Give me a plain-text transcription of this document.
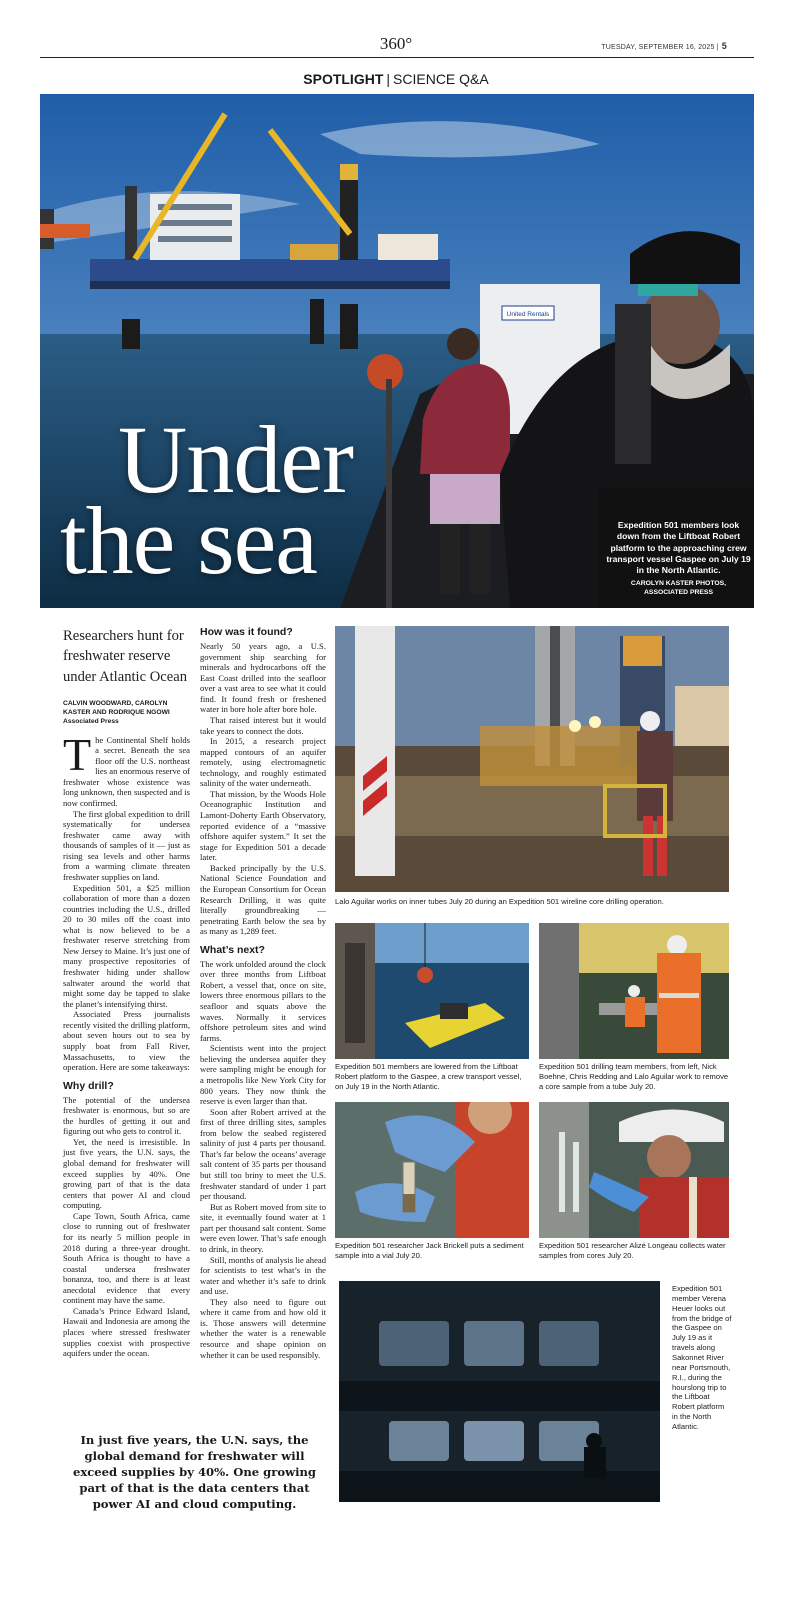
360°	TUESDAY, SEPTEMBER 16, 2025 | 5
SPOTLIGHT | SCIENCE Q&A
United Rentals
Under
the sea	Expedition 501 members look down from the Liftboat Robert platform to the approaching crew transport vessel Gaspee on July 19 in the North Atlantic.
CAROLYN KASTER PHOTOS,
ASSOCIATED PRESS
Researchers hunt for freshwater reserve under Atlantic Ocean
CALVIN WOODWARD, CAROLYN KASTER AND RODRIQUE NGOWI
Associated Press

The Continental Shelf holds a secret. Beneath the sea floor off the U.S. northeast lies an enormous reserve of freshwater whose existence was long unknown, then suspected and is now confirmed.

The first global expedition to drill systematically for undersea freshwater came away with thousands of samples of it — just as rising sea levels and other harms from a warming climate threaten freshwater supplies on land.

Expedition 501, a $25 million collaboration of more than a dozen countries including the U.S., drilled 20 to 30 miles off the coast into what is now believed to be a freshwater reserve stretching from New Jersey to Maine. It’s just one of many prospective repositories of freshwater hiding under shallow saltwater around the world that might some day be tapped to slake the planet’s intensifying thirst.

Associated Press journalists recently visited the drilling platform, about seven hours out to sea by supply boat from Fall River, Massachusetts, to view the operation. Here are some takeaways:

Why drill?

The potential of the undersea freshwater is enormous, but so are the hurdles of getting it out and figuring out who gets to control it.

Yet, the need is irresistible. In just five years, the U.N. says, the global demand for freshwater will exceed supplies by 40%. One growing part of that is the data centers that power AI and cloud computing.

Cape Town, South Africa, came close to running out of freshwater for its nearly 5 million people in 2018 during a three-year drought. South Africa is thought to have a coastal undersea freshwater bonanza, too, and there is at least anecdotal evidence that every continent may have the same.

Canada’s Prince Edward Island, Hawaii and Indonesia are among the places where stressed freshwater supplies coexist with prospective aquifers under the ocean.

How was it found?

Nearly 50 years ago, a U.S. government ship searching for minerals and hydrocarbons off the East Coast drilled into the seafloor over a vast area to see what it could find. It found fresh or freshened water in bore hole after bore hole.

That raised interest but it would take years to connect the dots.

In 2015, a research project mapped contours of an aquifer remotely, using electromagnetic technology, and roughly estimated salinity of the water underneath.

That mission, by the Woods Hole Oceanographic Institution and Lamont-Doherty Earth Observatory, reported evidence of a “massive offshore aquifer system.” It set the stage for Expedition 501 a decade later.

Backed principally by the U.S. National Science Foundation and the European Consortium for Ocean Research Drilling, it was quite literally groundbreaking — penetrating Earth below the sea by as many as 1,289 feet.

What’s next?

The work unfolded around the clock over three months from Liftboat Robert, a vessel that, once on site, lowers three enormous pillars to the seafloor and squats above the waves. Normally it services offshore petroleum sites and wind farms.

Scientists went into the project believing the undersea aquifer they were sampling might be enough for a metropolis like New York City for 800 years. They now think the reserve is even larger than that.

Soon after Robert arrived at the first of three drilling sites, samples from below the seabed registered salinity of just 4 parts per thousand. That’s far below the oceans’ average salt content of 35 parts per thousand but still too briny to meet the U.S. freshwater standard of under 1 part per thousand.

But as Robert moved from site to site, it eventually found water at 1 part per thousand salt content. Some were even lower. That’s safe enough to drink, in theory.

Still, months of analysis lie ahead for scientists to test what’s in the water and whether it’s safe to drink and use.

They also need to figure out where it came from and how old it is. Those answers will determine whether the water is a renewable resource and shape opinion on whether it can be used responsibly.

In just five years, the U.N. says, the global demand for freshwater will exceed supplies by 40%. One growing part of that is the data centers that power AI and cloud computing.
Lalo Aguilar works on inner tubes July 20 during an Expedition 501 wireline core drilling operation.
Expedition 501 members are lowered from the Liftboat Robert platform to the Gaspee, a crew transport vessel, on July 19 in the North Atlantic.
Expedition 501 drilling team members, from left, Nick Boehne, Chris Redding and Lalo Aguilar work to remove a core sample from a tube July 20.
Expedition 501 researcher Jack Brickell puts a sediment sample into a vial July 20.
Expedition 501 researcher Alizé Longeau collects water samples from cores July 20.
Expedition 501 member Verena Heuer looks out from the bridge of the Gaspee on July 19 as it travels along Sakonnet River near Portsmouth, R.I., during the hourslong trip to the Liftboat Robert platform in the North Atlantic.
